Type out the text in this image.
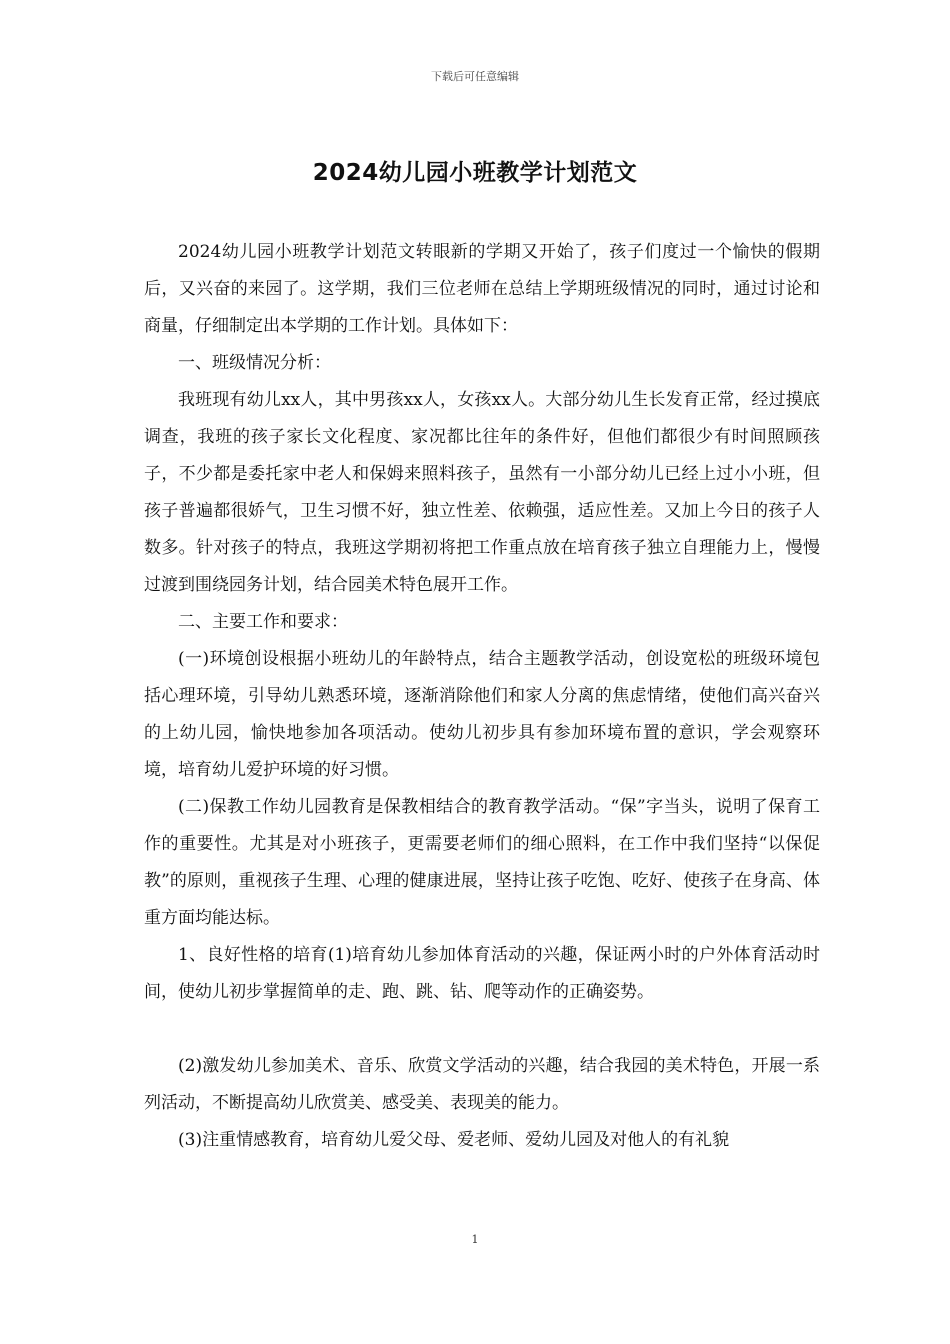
下载后可任意编辑
2024幼儿园小班教学计划范文

2024幼儿园小班教学计划范文转眼新的学期又开始了，孩子们度过一个愉快的假期后，又兴奋的来园了。这学期，我们三位老师在总结上学期班级情况的同时，通过讨论和商量，仔细制定出本学期的工作计划。具体如下：

一、班级情况分析：

我班现有幼儿xx人，其中男孩xx人，女孩xx人。大部分幼儿生长发育正常，经过摸底调查，我班的孩子家长文化程度、家况都比往年的条件好，但他们都很少有时间照顾孩子，不少都是委托家中老人和保姆来照料孩子，虽然有一小部分幼儿已经上过小小班，但孩子普遍都很娇气，卫生习惯不好，独立性差、依赖强，适应性差。又加上今日的孩子人数多。针对孩子的特点，我班这学期初将把工作重点放在培育孩子独立自理能力上，慢慢过渡到围绕园务计划，结合园美术特色展开工作。

二、主要工作和要求：

(一)环境创设根据小班幼儿的年龄特点，结合主题教学活动，创设宽松的班级环境包括心理环境，引导幼儿熟悉环境，逐渐消除他们和家人分离的焦虑情绪，使他们高兴奋兴的上幼儿园，愉快地参加各项活动。使幼儿初步具有参加环境布置的意识，学会观察环境，培育幼儿爱护环境的好习惯。

(二)保教工作幼儿园教育是保教相结合的教育教学活动。“保”字当头，说明了保育工作的重要性。尤其是对小班孩子，更需要老师们的细心照料，在工作中我们坚持“以保促教”的原则，重视孩子生理、心理的健康进展，坚持让孩子吃饱、吃好、使孩子在身高、体重方面均能达标。

1、良好性格的培育(1)培育幼儿参加体育活动的兴趣，保证两小时的户外体育活动时间，使幼儿初步掌握简单的走、跑、跳、钻、爬等动作的正确姿势。

(2)激发幼儿参加美术、音乐、欣赏文学活动的兴趣，结合我园的美术特色，开展一系列活动，不断提高幼儿欣赏美、感受美、表现美的能力。

(3)注重情感教育，培育幼儿爱父母、爱老师、爱幼儿园及对他人的有礼貌

1
